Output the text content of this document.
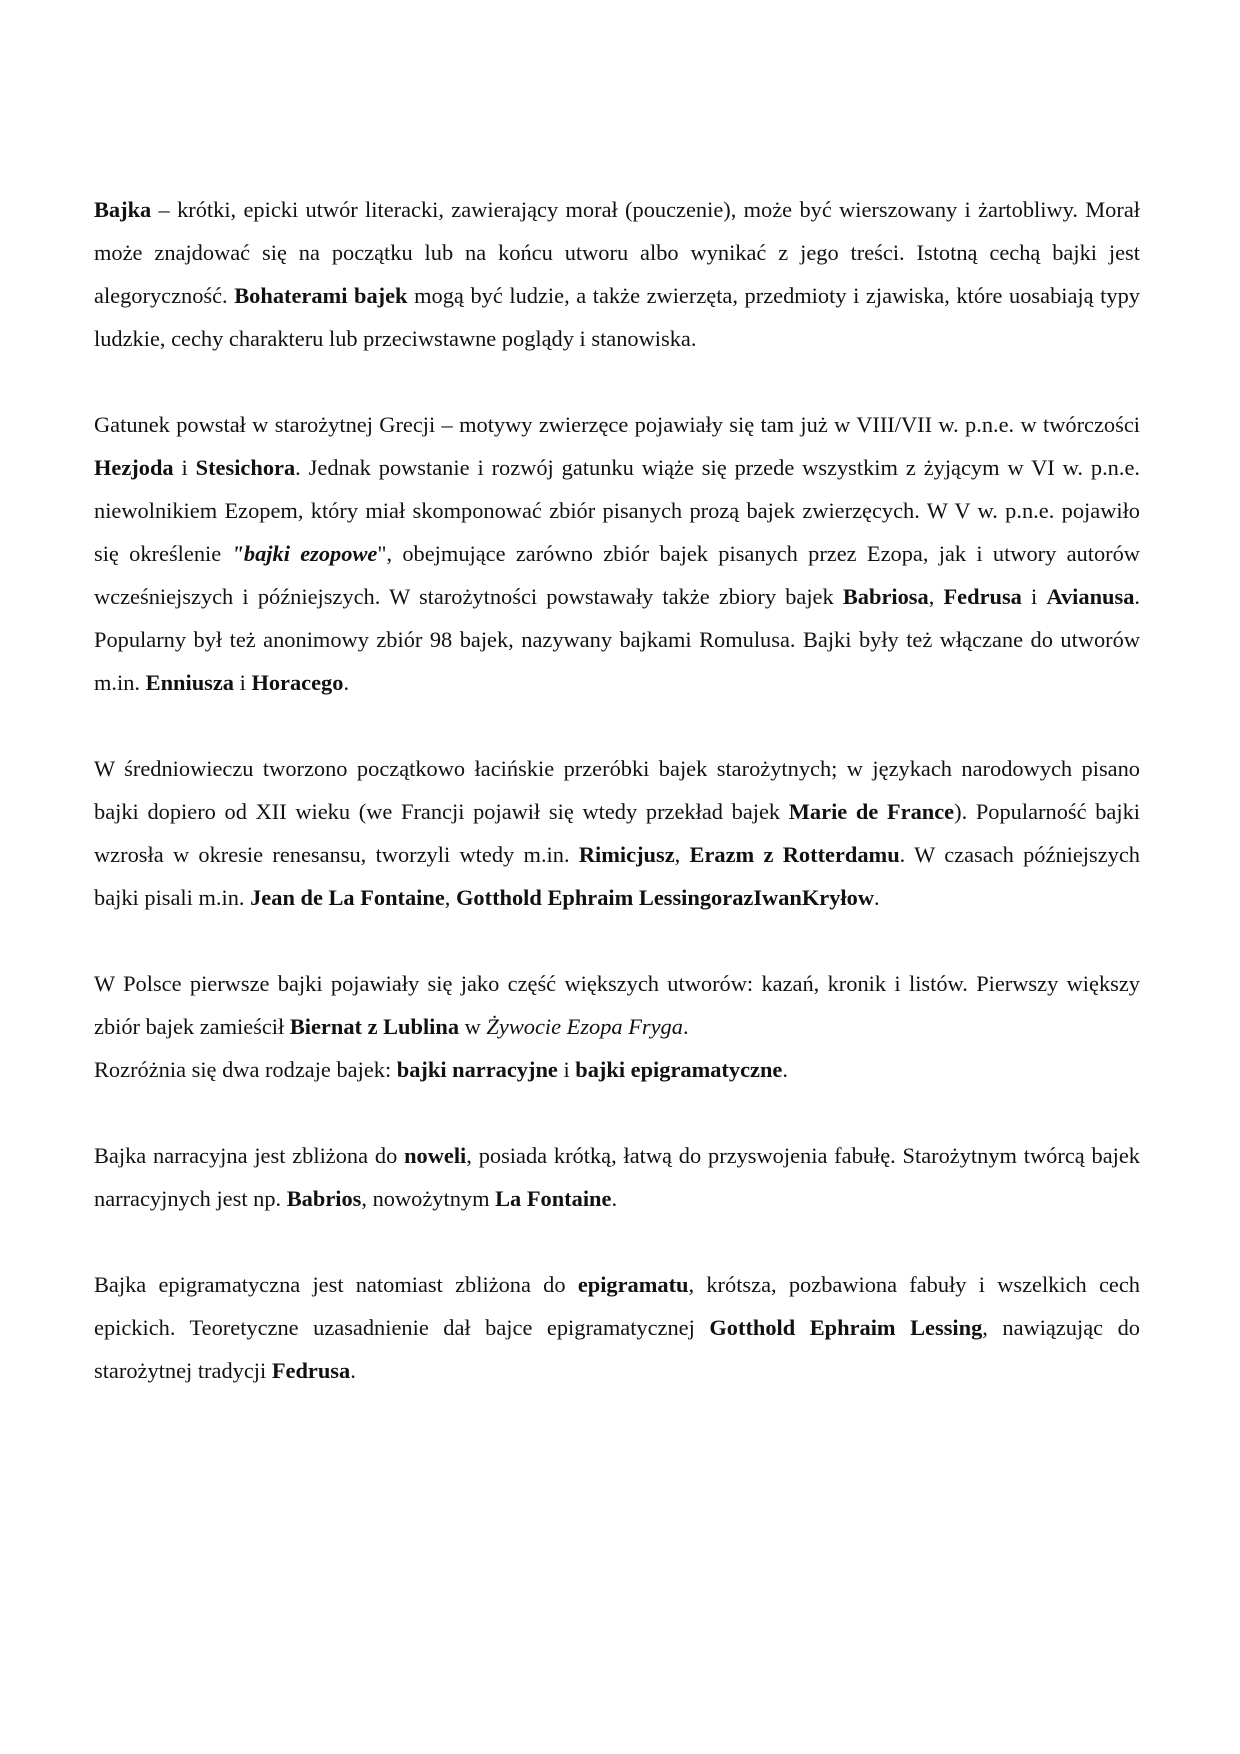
Bajka – krótki, epicki utwór literacki, zawierający morał (pouczenie), może być wierszowany i żartobliwy. Morał może znajdować się na początku lub na końcu utworu albo wynikać z jego treści. Istotną cechą bajki jest alegoryczność. Bohaterami bajek mogą być ludzie, a także zwierzęta, przedmioty i zjawiska, które uosabiają typy ludzkie, cechy charakteru lub przeciwstawne poglądy i stanowiska.

Gatunek powstał w starożytnej Grecji – motywy zwierzęce pojawiały się tam już w VIII/VII w. p.n.e. w twórczości Hezjoda i Stesichora. Jednak powstanie i rozwój gatunku wiąże się przede wszystkim z żyjącym w VI w. p.n.e. niewolnikiem Ezopem, który miał skomponować zbiór pisanych prozą bajek zwierzęcych. W V w. p.n.e. pojawiło się określenie "bajki ezopowe", obejmujące zarówno zbiór bajek pisanych przez Ezopa, jak i utwory autorów wcześniejszych i późniejszych. W starożytności powstawały także zbiory bajek Babriosa, Fedrusa i Avianusa. Popularny był też anonimowy zbiór 98 bajek, nazywany bajkami Romulusa. Bajki były też włączane do utworów m.in. Enniusza i Horacego.

W średniowieczu tworzono początkowo łacińskie przeróbki bajek starożytnych; w językach narodowych pisano bajki dopiero od XII wieku (we Francji pojawił się wtedy przekład bajek Marie de France). Popularność bajki wzrosła w okresie renesansu, tworzyli wtedy m.in. Rimicjusz, Erazm z Rotterdamu. W czasach późniejszych bajki pisali m.in. Jean de La Fontaine, Gotthold Ephraim LessingorazIwanKryłow.

W Polsce pierwsze bajki pojawiały się jako część większych utworów: kazań, kronik i listów. Pierwszy większy zbiór bajek zamieścił Biernat z Lublina w Żywocie Ezopa Fryga.

Rozróżnia się dwa rodzaje bajek: bajki narracyjne i bajki epigramatyczne.

Bajka narracyjna jest zbliżona do noweli, posiada krótką, łatwą do przyswojenia fabułę. Starożytnym twórcą bajek narracyjnych jest np. Babrios, nowożytnym La Fontaine.

Bajka epigramatyczna jest natomiast zbliżona do epigramatu, krótsza, pozbawiona fabuły i wszelkich cech epickich. Teoretyczne uzasadnienie dał bajce epigramatycznej Gotthold Ephraim Lessing, nawiązując do starożytnej tradycji Fedrusa.
